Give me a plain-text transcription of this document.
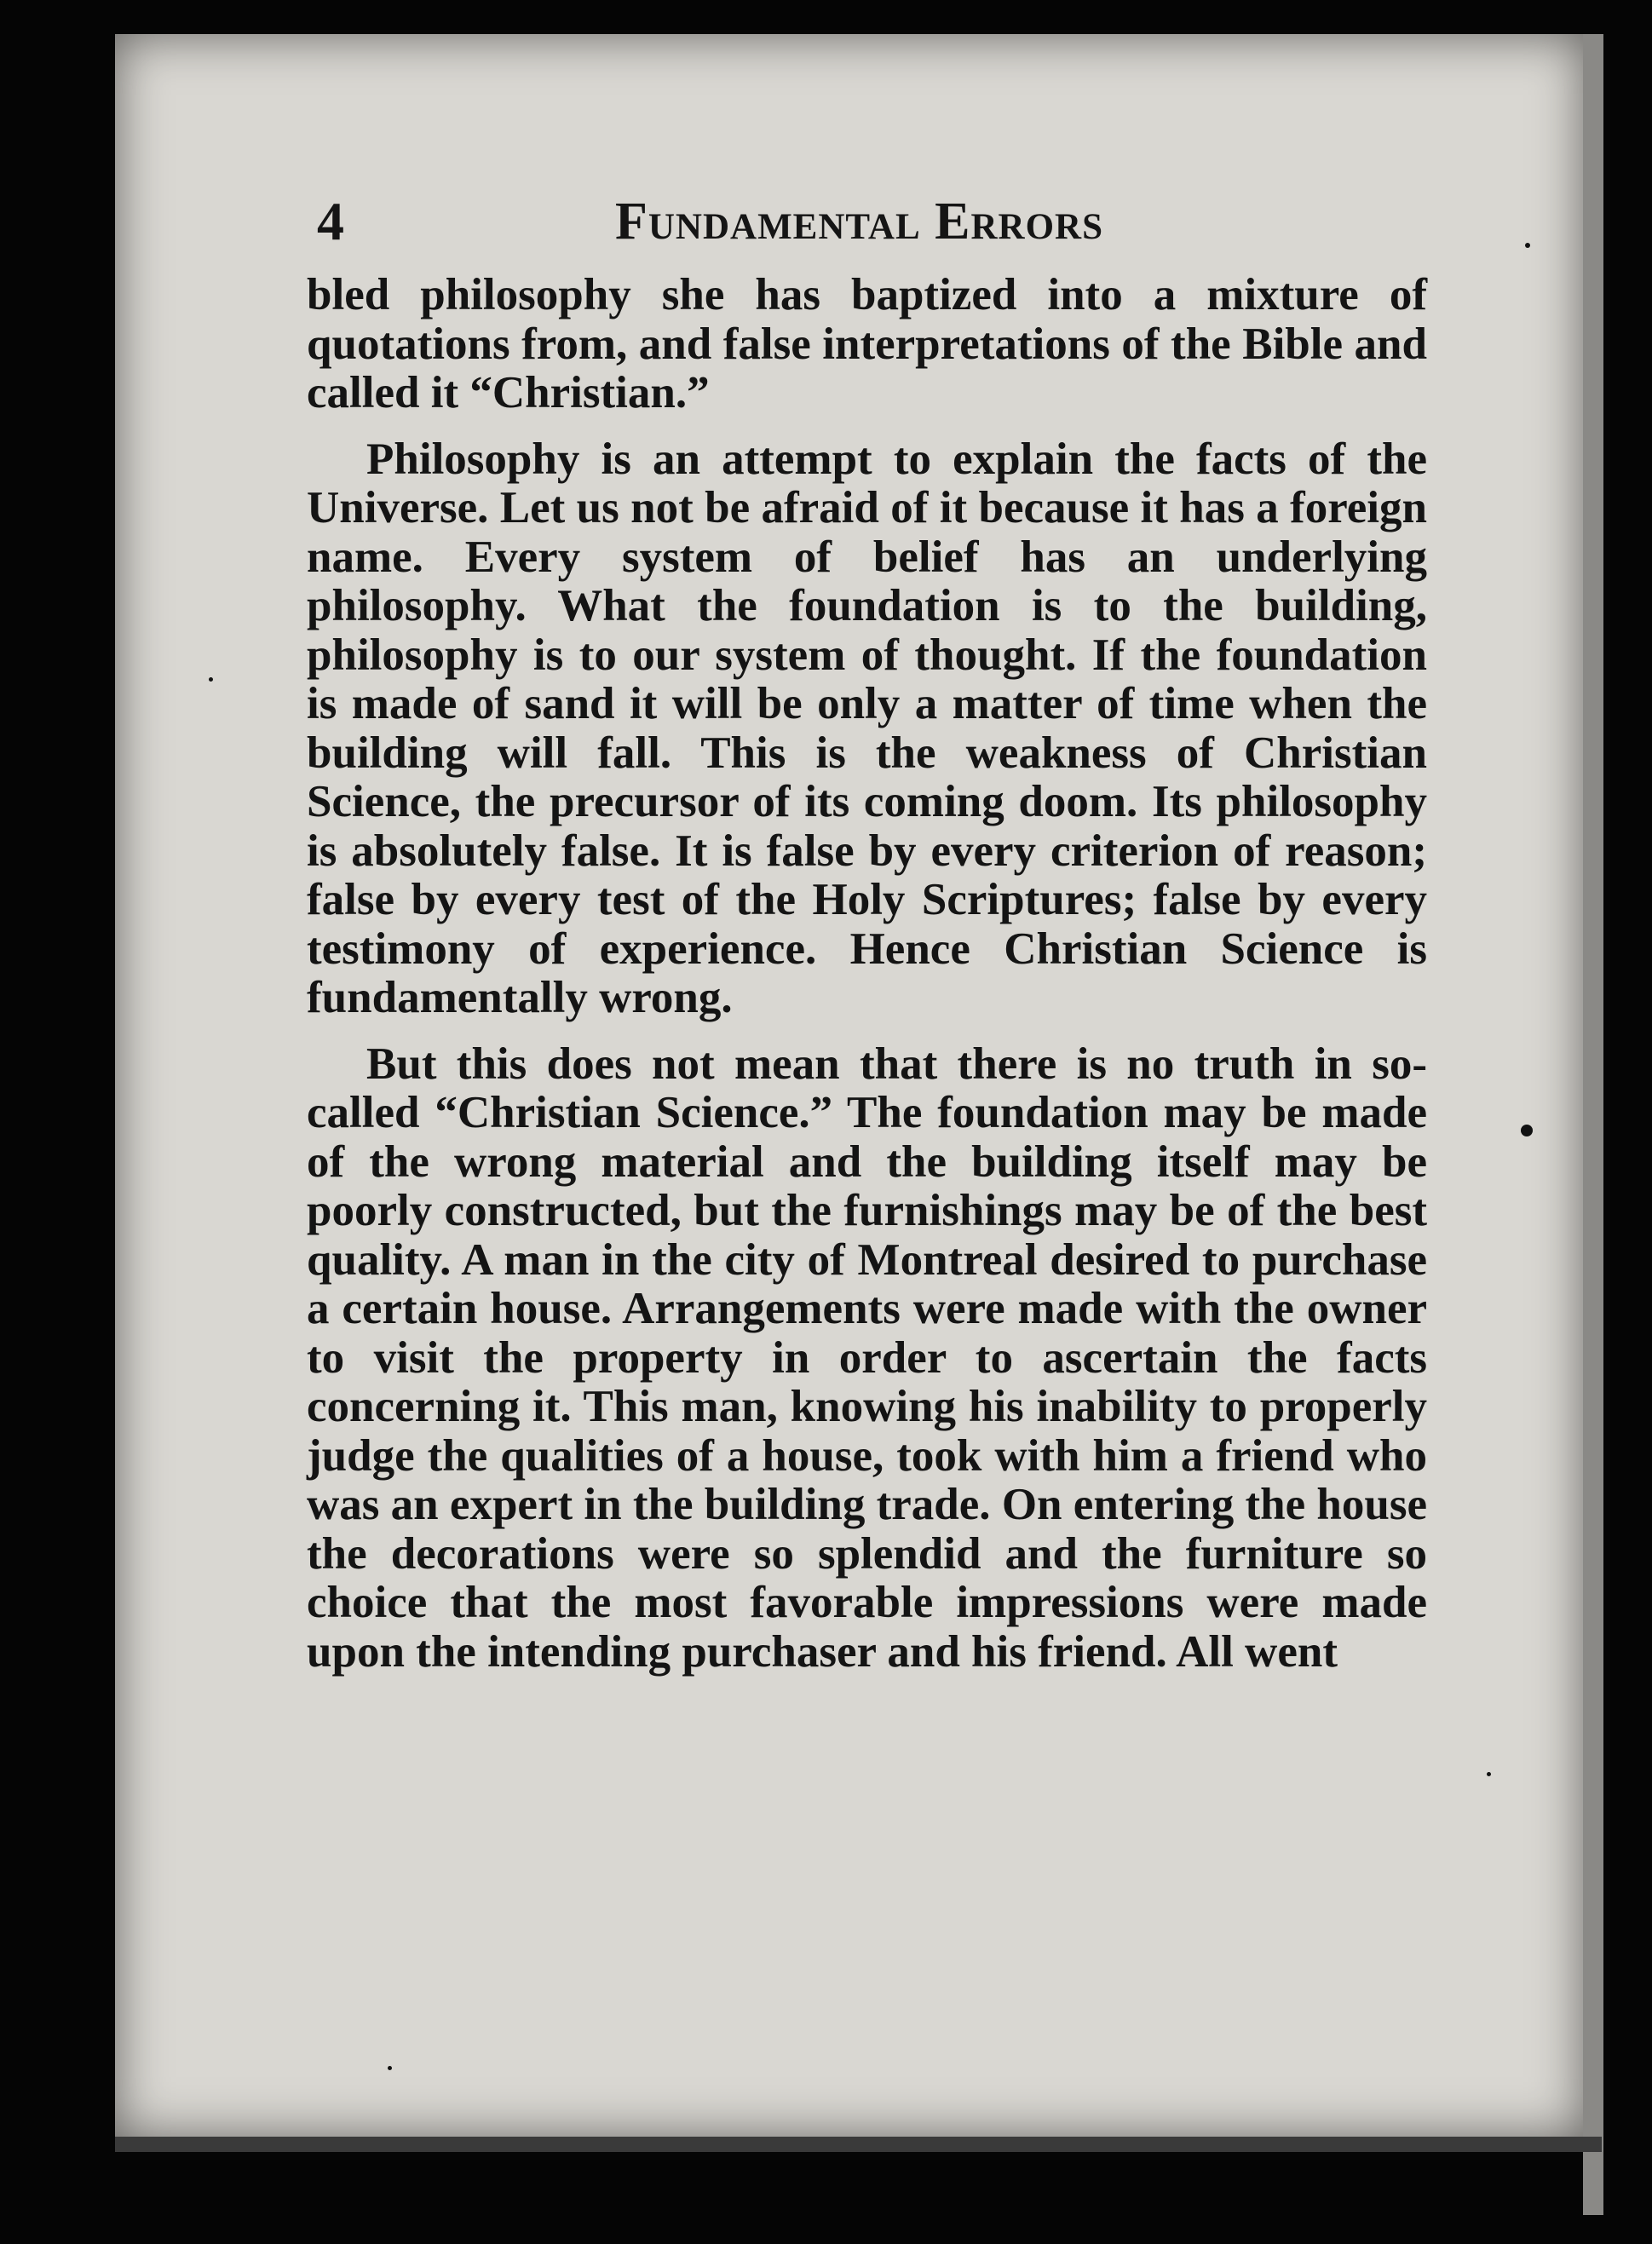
4	Fundamental Errors

bled philosophy she has baptized into a mixture of quotations from, and false interpretations of the Bible and called it “Christian.”

Philosophy is an attempt to explain the facts of the Universe. Let us not be afraid of it because it has a foreign name. Every system of belief has an underlying philosophy. What the foundation is to the building, philosophy is to our system of thought. If the foundation is made of sand it will be only a matter of time when the building will fall. This is the weakness of Christian Science, the precursor of its coming doom. Its philosophy is absolutely false. It is false by every criterion of reason; false by every test of the Holy Scriptures; false by every testimony of experience. Hence Christian Science is fundamentally wrong.

But this does not mean that there is no truth in so-called “Christian Science.” The foundation may be made of the wrong material and the building itself may be poorly constructed, but the furnishings may be of the best quality. A man in the city of Montreal desired to purchase a certain house. Arrangements were made with the owner to visit the property in order to ascertain the facts concerning it. This man, knowing his inability to properly judge the qualities of a house, took with him a friend who was an expert in the building trade. On entering the house the decorations were so splendid and the furniture so choice that the most favorable impressions were made upon the intending purchaser and his friend. All went
